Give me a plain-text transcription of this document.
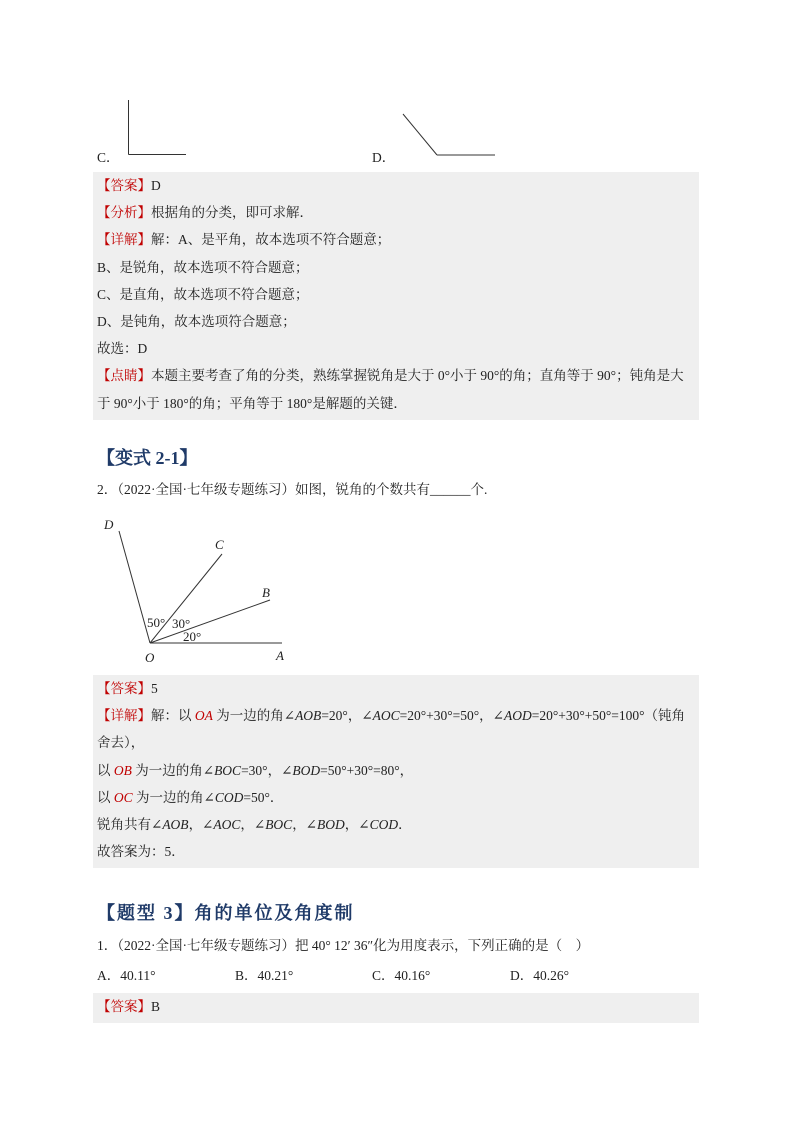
C．	D．
【答案】 D
【分析】 根据角的分类，即可求解．
【详解】 解：A、是平角，故本选项不符合题意；
B、是锐角，故本选项不符合题意；
C、是直角，故本选项不符合题意；
D、是钝角，故本选项符合题意；
故选：D
【点睛】 本题主要考查了角的分类，熟练掌握锐角是大于 0°小于 90°的角；直角等于 90°；钝角是大
于 90°小于 180°的角；平角等于 180°是解题的关键．
【变式 2-1】
2．（2022·全国·七年级专题练习）如图，锐角的个数共有 ______ 个.
D
C
B
O	A
50° 30°
20°
【答案】 5
【详解】 解：以 OA 为一边的角∠ AOB =20°，∠ AOC =20°+30°=50°，∠ AOD =20°+30°+50°=100°（钝角
舍去），
以 OB 为一边的角∠ BOC =30°，∠ BOD =50°+30°=80°，
以 OC 为一边的角∠ COD =50°．
锐角共有∠ AOB ，∠ AOC ，∠ BOC ，∠ BOD ，∠ COD ．
故答案为：5．
【题型 3】角的单位及角度制
1．（2022·全国·七年级专题练习）把 40° 12′ 36″化为用度表示，下列正确的是（　）
A．40.11°	B．40.21°	C．40.16°	D．40.26°
【答案】 B
